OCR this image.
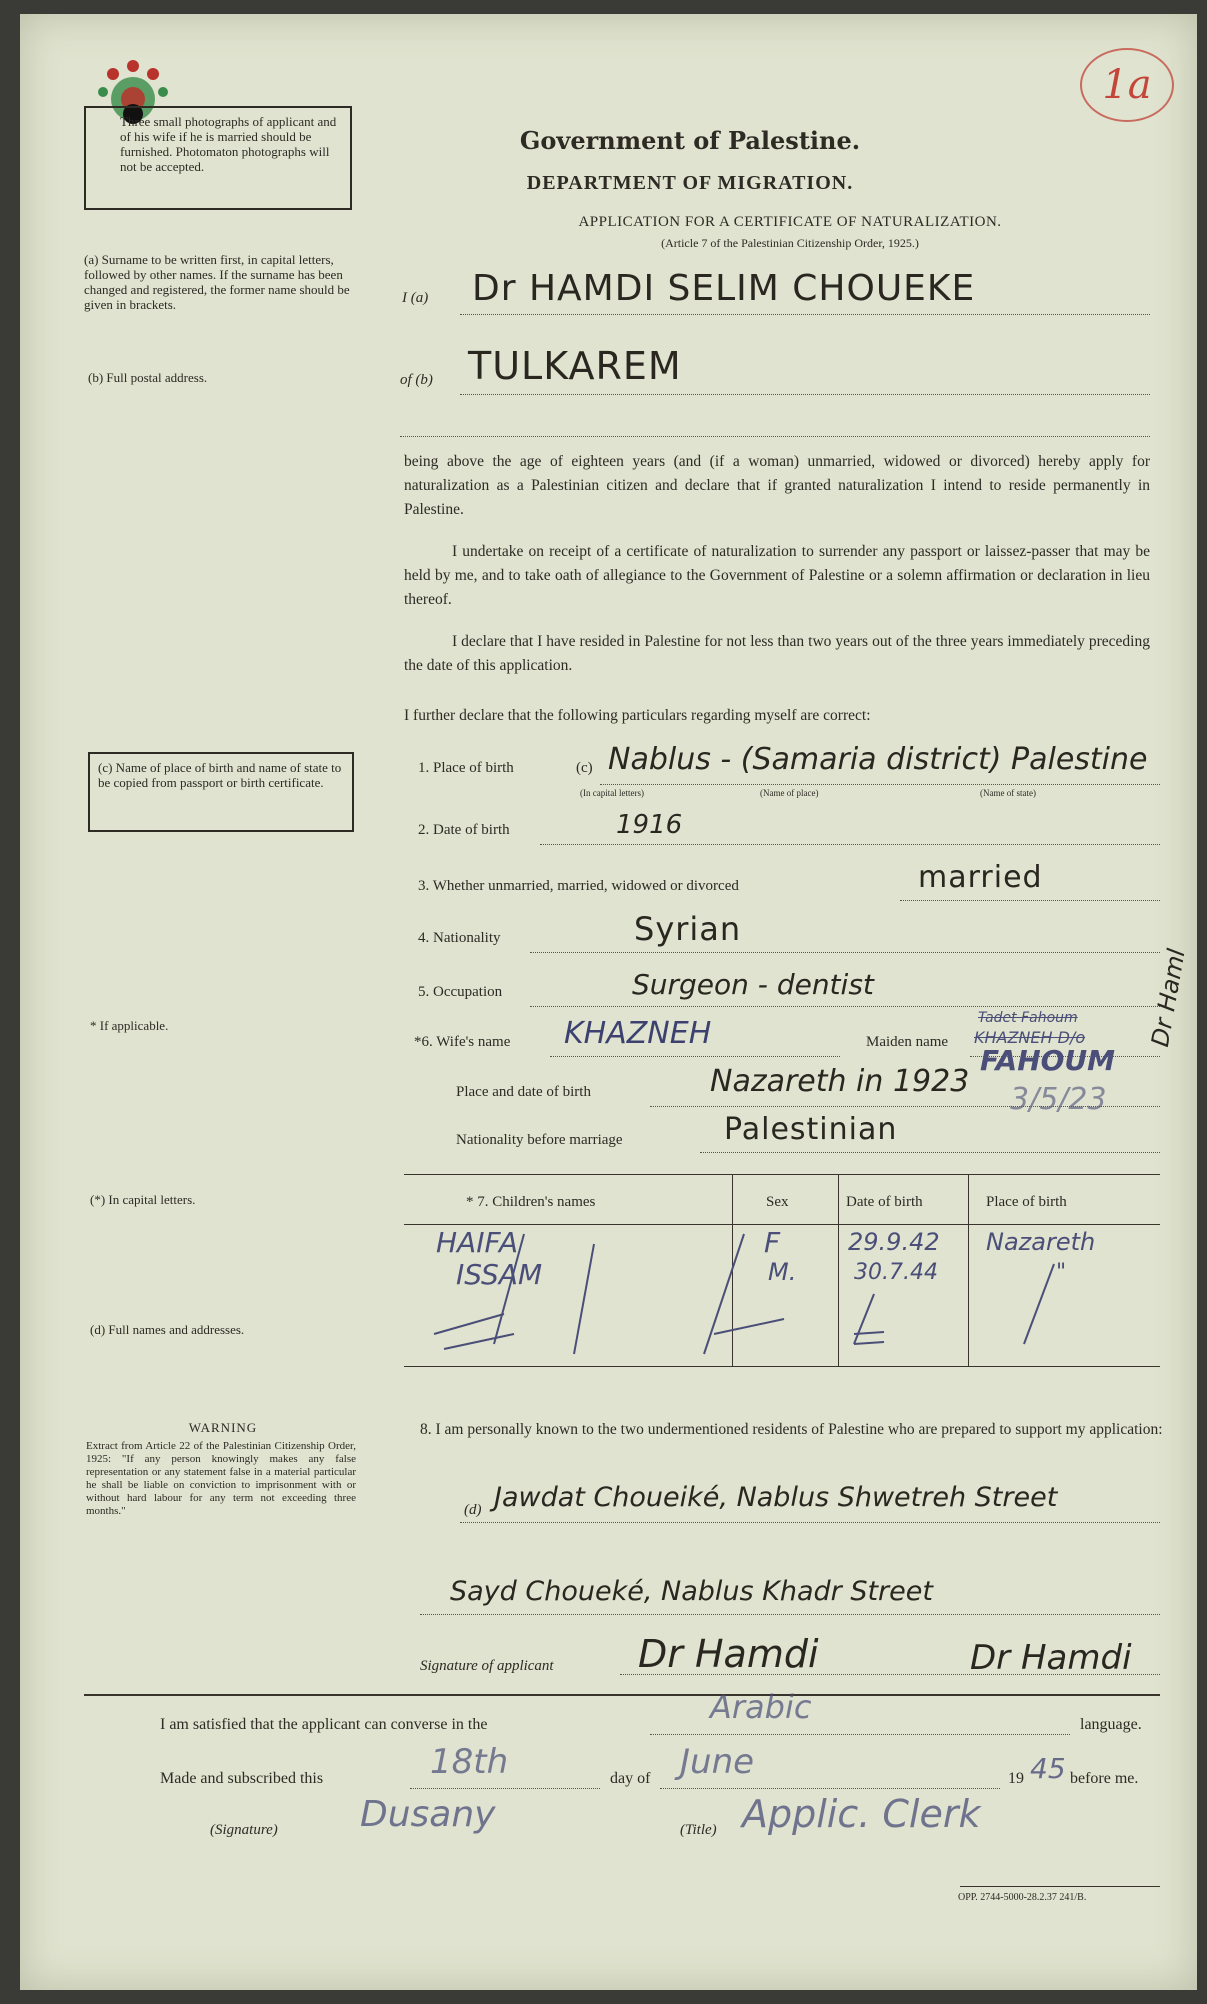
1a
Three small photographs of applicant and of his wife if he is married should be furnished. Photomaton photographs will not be accepted.
(a) Surname to be written first, in capital letters, followed by other names. If the surname has been changed and registered, the former name should be given in brackets.
(b) Full postal address.
(c) Name of place of birth and name of state to be copied from passport or birth certificate.
* If applicable.
(*) In capital letters.
(d) Full names and addresses.
WARNING
Extract from Article 22 of the Palestinian Citizenship Order, 1925: "If any person knowingly makes any false representation or any statement false in a material particular he shall be liable on conviction to imprisonment with or without hard labour for any term not exceeding three months."
Government of Palestine.
DEPARTMENT OF MIGRATION.
APPLICATION FOR A CERTIFICATE OF NATURALIZATION.
(Article 7 of the Palestinian Citizenship Order, 1925.)
I (a) Dr HAMDI SELIM CHOUEKE
of (b) TULKAREM
being above the age of eighteen years (and (if a woman) unmarried, widowed or divorced) hereby apply for naturalization as a Palestinian citizen and declare that if granted naturalization I intend to reside permanently in Palestine.
I undertake on receipt of a certificate of naturalization to surrender any passport or laissez-passer that may be held by me, and to take oath of allegiance to the Government of Palestine or a solemn affirmation or declaration in lieu thereof.
I declare that I have resided in Palestine for not less than two years out of the three years immediately preceding the date of this application.
I further declare that the following particulars regarding myself are correct:
1. Place of birth	(c) Nablus - (Samaria district) Palestine
(In capital letters)	(Name of place)	(Name of state)
2. Date of birth	1916
3. Whether unmarried, married, widowed or divorced	married
4. Nationality	Syrian
5. Occupation	Surgeon - dentist
*6. Wife's name KHAZNEH	Maiden name
Tadet Fahoum
KHAZNEH D/o
FAHOUM
Place and date of birth	Nazareth in 1923
3/5/23
Nationality before marriage	Palestinian
Dr Haml
* 7. Children's names	Sex	Date of birth	Place of birth
HAIFA	F	29.9.42 Nazareth
ISSAM	M.	30.7.44	"
8. I am personally known to the two undermentioned residents of Palestine who are prepared to support my application:
(d) Jawdat Choueiké, Nablus Shwetreh Street
Sayd Choueké, Nablus Khadr Street
Signature of applicant Dr Hamdi	Dr Hamdi
I am satisfied that the applicant can converse in the	Arabic	language.
Made and subscribed this	18th	day of June	19 45 before me.
(Signature) Dusany	(Title) Applic. Clerk
OPP. 2744-5000-28.2.37 241/B.
